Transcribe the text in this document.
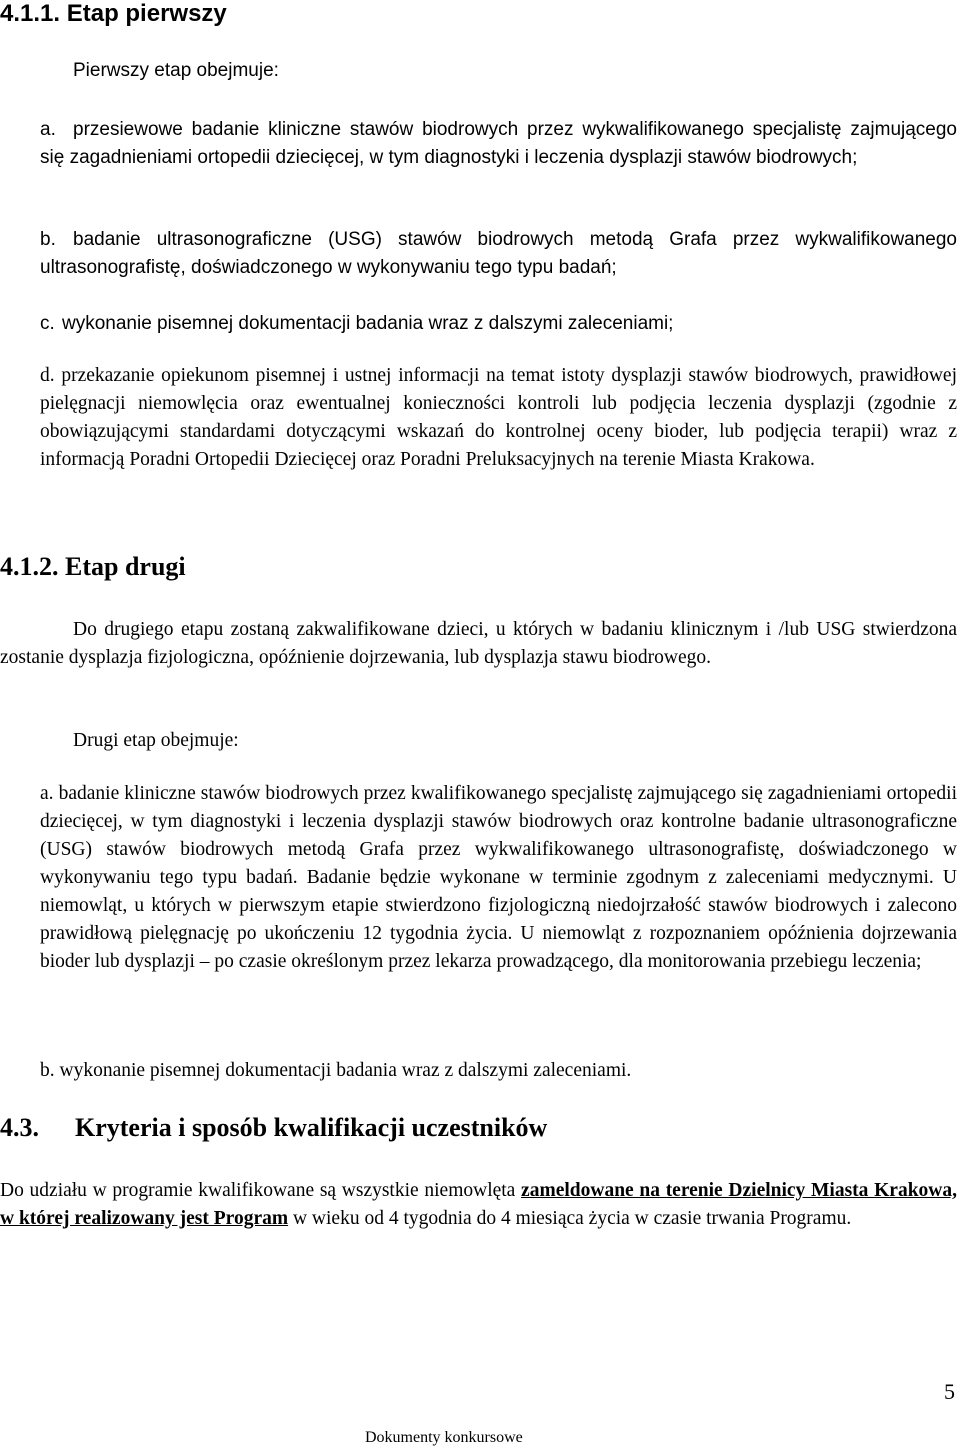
4.1.1. Etap pierwszy
Pierwszy etap obejmuje:
a. przesiewowe badanie kliniczne stawów biodrowych przez wykwalifikowanego specjalistę zajmującego się zagadnieniami ortopedii dziecięcej, w tym diagnostyki i leczenia dysplazji stawów biodrowych;
b. badanie ultrasonograficzne (USG) stawów biodrowych metodą Grafa przez wykwalifikowanego ultrasonografistę, doświadczonego w wykonywaniu tego typu badań;
c. wykonanie pisemnej dokumentacji badania wraz z dalszymi zaleceniami;
d. przekazanie opiekunom pisemnej i ustnej informacji na temat istoty dysplazji stawów biodrowych, prawidłowej pielęgnacji niemowlęcia oraz ewentualnej konieczności kontroli lub podjęcia leczenia dysplazji (zgodnie z obowiązującymi standardami dotyczącymi wskazań do kontrolnej oceny bioder, lub podjęcia terapii) wraz z informacją Poradni Ortopedii Dziecięcej oraz Poradni Preluksacyjnych na terenie Miasta Krakowa.
4.1.2. Etap drugi
Do drugiego etapu zostaną zakwalifikowane dzieci, u których w badaniu klinicznym i /lub USG stwierdzona zostanie dysplazja fizjologiczna, opóźnienie dojrzewania, lub dysplazja stawu biodrowego.
Drugi etap obejmuje:
a. badanie kliniczne stawów biodrowych przez kwalifikowanego specjalistę zajmującego się zagadnieniami ortopedii dziecięcej, w tym diagnostyki i leczenia dysplazji stawów biodrowych oraz kontrolne badanie ultrasonograficzne (USG) stawów biodrowych metodą Grafa przez wykwalifikowanego ultrasonografistę, doświadczonego w wykonywaniu tego typu badań. Badanie będzie wykonane w terminie zgodnym z zaleceniami medycznymi. U niemowląt, u których w pierwszym etapie stwierdzono fizjologiczną niedojrzałość stawów biodrowych i zalecono prawidłową pielęgnację po ukończeniu 12 tygodnia życia. U niemowląt z rozpoznaniem opóźnienia dojrzewania bioder lub dysplazji – po czasie określonym przez lekarza prowadzącego, dla monitorowania przebiegu leczenia;
b. wykonanie pisemnej dokumentacji badania wraz z dalszymi zaleceniami.
4.3. Kryteria i sposób kwalifikacji uczestników
Do udziału w programie kwalifikowane są wszystkie niemowlęta zameldowane na terenie Dzielnicy Miasta Krakowa, w której realizowany jest Program w wieku od 4 tygodnia do 4 miesiąca życia w czasie trwania Programu.
Dokumenty konkursowe
5
